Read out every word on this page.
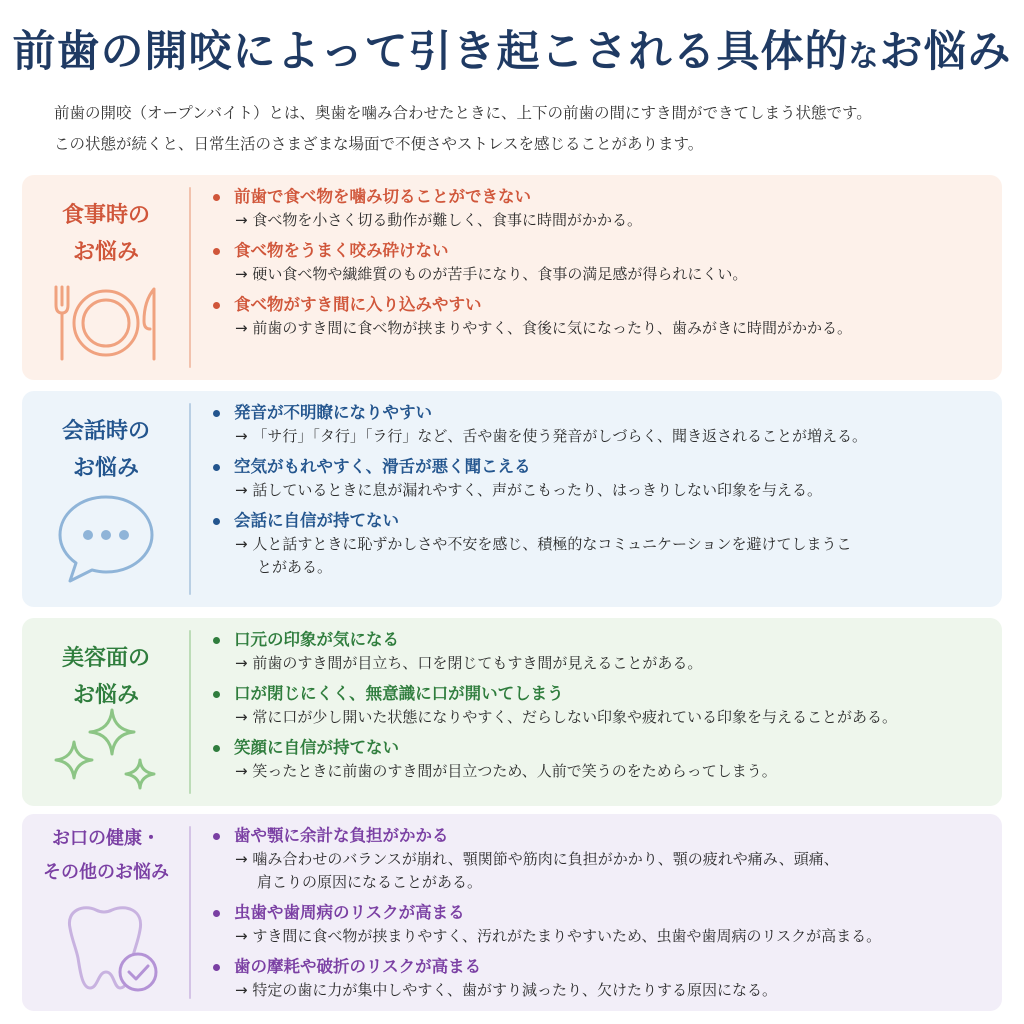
前歯の開咬によって引き起こされる具体的なお悩み

前歯の開咬（オープンバイト）とは、奥歯を噛み合わせたときに、上下の前歯の間にすき間ができてしまう状態です。

この状態が続くと、日常生活のさまざまな場面で不便さやストレスを感じることがあります。

食事時の
お悩み
前歯で食べ物を噛み切ることができない
→ 食べ物を小さく切る動作が難しく、食事に時間がかかる。
食べ物をうまく咬み砕けない
→ 硬い食べ物や繊維質のものが苦手になり、食事の満足感が得られにくい。
食べ物がすき間に入り込みやすい
→ 前歯のすき間に食べ物が挟まりやすく、食後に気になったり、歯みがきに時間がかかる。
会話時の
お悩み
発音が不明瞭になりやすい
→ 「サ行」「タ行」「ラ行」など、舌や歯を使う発音がしづらく、聞き返されることが増える。
空気がもれやすく、滑舌が悪く聞こえる
→ 話しているときに息が漏れやすく、声がこもったり、はっきりしない印象を与える。
会話に自信が持てない
→ 人と話すときに恥ずかしさや不安を感じ、積極的なコミュニケーションを避けてしまうこ
とがある。
美容面の
お悩み
口元の印象が気になる
→ 前歯のすき間が目立ち、口を閉じてもすき間が見えることがある。
口が閉じにくく、無意識に口が開いてしまう
→ 常に口が少し開いた状態になりやすく、だらしない印象や疲れている印象を与えることがある。
笑顔に自信が持てない
→ 笑ったときに前歯のすき間が目立つため、人前で笑うのをためらってしまう。
お口の健康・
その他のお悩み
歯や顎に余計な負担がかかる
→ 噛み合わせのバランスが崩れ、顎関節や筋肉に負担がかかり、顎の疲れや痛み、頭痛、
肩こりの原因になることがある。
虫歯や歯周病のリスクが高まる
→ すき間に食べ物が挟まりやすく、汚れがたまりやすいため、虫歯や歯周病のリスクが高まる。
歯の摩耗や破折のリスクが高まる
→ 特定の歯に力が集中しやすく、歯がすり減ったり、欠けたりする原因になる。
